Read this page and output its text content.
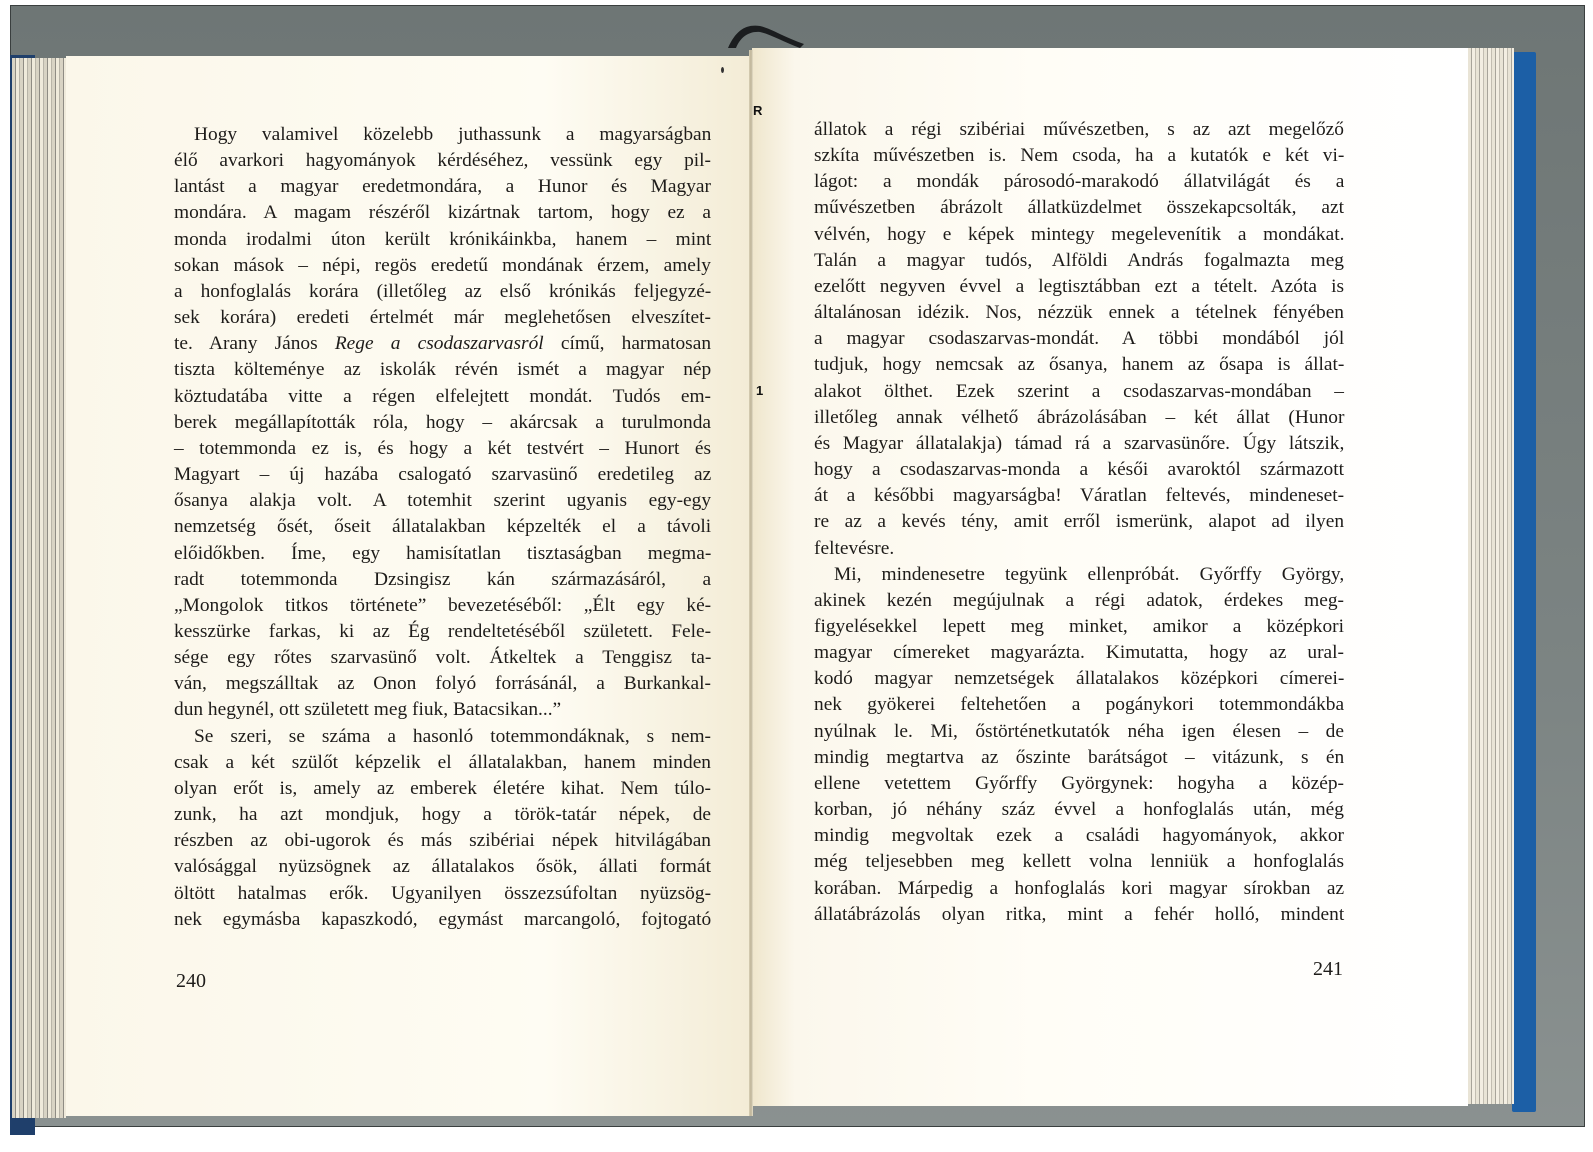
R
1
Hogy valamivel közelebb juthassunk a magyarságban
élő avarkori hagyományok kérdéséhez, vessünk egy pil-
lantást a magyar eredetmondára, a Hunor és Magyar
mondára. A magam részéről kizártnak tartom, hogy ez a
monda irodalmi úton került krónikáinkba, hanem – mint
sokan mások – népi, regös eredetű mondának érzem, amely
a honfoglalás korára (illetőleg az első krónikás feljegyzé-
sek korára) eredeti értelmét már meglehetősen elveszítet-
te. Arany János Rege a csodaszarvasról című, harmatosan
tiszta költeménye az iskolák révén ismét a magyar nép
köztudatába vitte a régen elfelejtett mondát. Tudós em-
berek megállapították róla, hogy – akárcsak a turulmonda
– totemmonda ez is, és hogy a két testvért – Hunort és
Magyart – új hazába csalogató szarvasünő eredetileg az
ősanya alakja volt. A totemhit szerint ugyanis egy-egy
nemzetség ősét, őseit állatalakban képzelték el a távoli
előidőkben. Íme, egy hamisítatlan tisztaságban megma-
radt totemmonda Dzsingisz kán származásáról, a
„Mongolok titkos története” bevezetéséből: „Élt egy ké-
kesszürke farkas, ki az Ég rendeltetéséből született. Fele-
sége egy rőtes szarvasünő volt. Átkeltek a Tenggisz ta-
ván, megszálltak az Onon folyó forrásánál, a Burkankal-
dun hegynél, ott született meg fiuk, Batacsikan...”
Se szeri, se száma a hasonló totemmondáknak, s nem-
csak a két szülőt képzelik el állatalakban, hanem minden
olyan erőt is, amely az emberek életére kihat. Nem túlo-
zunk, ha azt mondjuk, hogy a török-tatár népek, de
részben az obi-ugorok és más szibériai népek hitvilágában
valósággal nyüzsögnek az állatalakos ősök, állati formát
öltött hatalmas erők. Ugyanilyen összezsúfoltan nyüzsög-
nek egymásba kapaszkodó, egymást marcangoló, fojtogató
állatok a régi szibériai művészetben, s az azt megelőző
szkíta művészetben is. Nem csoda, ha a kutatók e két vi-
lágot: a mondák párosodó-marakodó állatvilágát és a
művészetben ábrázolt állatküzdelmet összekapcsolták, azt
vélvén, hogy e képek mintegy megelevenítik a mondákat.
Talán a magyar tudós, Alföldi András fogalmazta meg
ezelőtt negyven évvel a legtisztábban ezt a tételt. Azóta is
általánosan idézik. Nos, nézzük ennek a tételnek fényében
a magyar csodaszarvas-mondát. A többi mondából jól
tudjuk, hogy nemcsak az ősanya, hanem az ősapa is állat-
alakot ölthet. Ezek szerint a csodaszarvas-mondában –
illetőleg annak vélhető ábrázolásában – két állat (Hunor
és Magyar állatalakja) támad rá a szarvasünőre. Úgy látszik,
hogy a csodaszarvas-monda a késői avaroktól származott
át a későbbi magyarságba! Váratlan feltevés, mindeneset-
re az a kevés tény, amit erről ismerünk, alapot ad ilyen
feltevésre.
Mi, mindenesetre tegyünk ellenpróbát. Győrffy György,
akinek kezén megújulnak a régi adatok, érdekes meg-
figyelésekkel lepett meg minket, amikor a középkori
magyar címereket magyarázta. Kimutatta, hogy az ural-
kodó magyar nemzetségek állatalakos középkori címerei-
nek gyökerei feltehetően a pogánykori totemmondákba
nyúlnak le. Mi, őstörténetkutatók néha igen élesen – de
mindig megtartva az őszinte barátságot – vitázunk, s én
ellene vetettem Győrffy Györgynek: hogyha a közép-
korban, jó néhány száz évvel a honfoglalás után, még
mindig megvoltak ezek a családi hagyományok, akkor
még teljesebben meg kellett volna lenniük a honfoglalás
korában. Márpedig a honfoglalás kori magyar sírokban az
állatábrázolás olyan ritka, mint a fehér holló, mindent
240
241
